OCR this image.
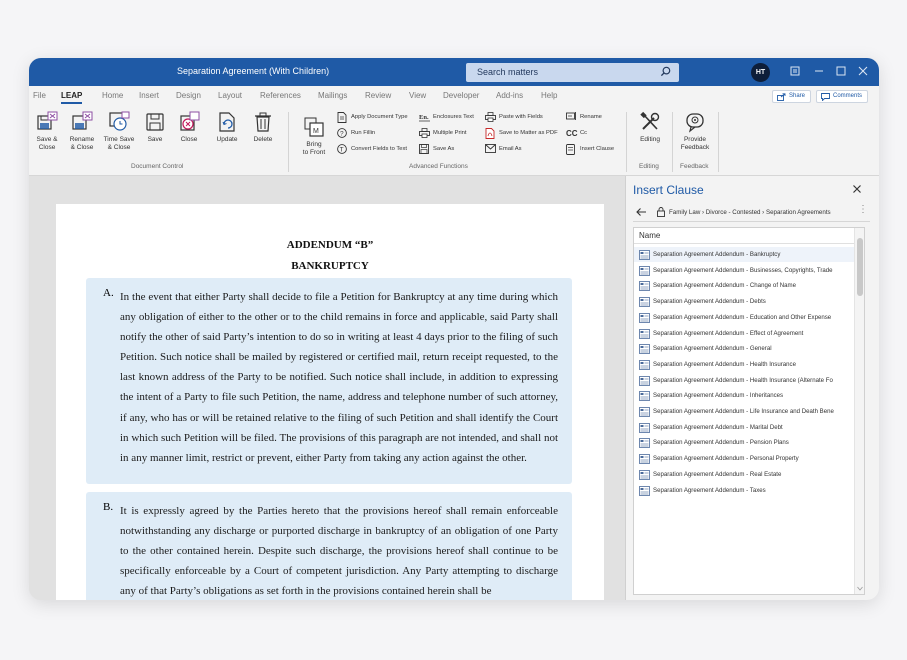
Separation Agreement (With Children)	Search matters	HT
File LEAP Home Insert Design Layout References Mailings Review View Developer Add-ins Help	Share	Comments
Save &
Close
Rename
& Close
Time Save
& Close
Save	Close	Update	Delete
Document Control
M
Bring
to Front
Apply Document Type
? Run Fillin
T Convert Fields to Text
En. Enclosures Text
Multiple Print
Save As
Paste with Fields
Save to Matter as PDF
Email As
Rename
CC Cc
Insert Clause
Advanced Functions
Editing
Editing
Provide
Feedback
Feedback
ADDENDUM “B”
BANKRUPTCY
A. In the event that either Party shall decide to file a Petition for Bankruptcy at any time during which any obligation of either to the other or to the child remains in force and applicable, said Party shall notify the other of said Party’s intention to do so in writing at least 4 days prior to the filing of such Petition. Such notice shall be mailed by registered or certified mail, return receipt requested, to the last known address of the Party to be notified. Such notice shall include, in addition to expressing the intent of a Party to file such Petition, the name, address and telephone number of such attorney, if any, who has or will be retained relative to the filing of such Petition and shall identify the Court in which such Petition will be filed. The provisions of this paragraph are not intended, and shall not in any manner limit, restrict or prevent, either Party from taking any action against the other.
B. It is expressly agreed by the Parties hereto that the provisions hereof shall remain enforceable notwithstanding any discharge or purported discharge in bankruptcy of an obligation of one Party to the other contained herein. Despite such discharge, the provisions hereof shall continue to be specifically enforceable by a Court of competent jurisdiction. Any Party attempting to discharge any of that Party’s obligations as set forth in the provisions contained herein shall be
Insert Clause
Family Law › Divorce - Contested › Separation Agreements	⋮
Name
Separation Agreement Addendum - Bankruptcy
Separation Agreement Addendum - Businesses, Copyrights, Trade
Separation Agreement Addendum - Change of Name
Separation Agreement Addendum - Debts
Separation Agreement Addendum - Education and Other Expense
Separation Agreement Addendum - Effect of Agreement
Separation Agreement Addendum - General
Separation Agreement Addendum - Health Insurance
Separation Agreement Addendum - Health Insurance (Alternate Fo
Separation Agreement Addendum - Inheritances
Separation Agreement Addendum - Life Insurance and Death Bene
Separation Agreement Addendum - Marital Debt
Separation Agreement Addendum - Pension Plans
Separation Agreement Addendum - Personal Property
Separation Agreement Addendum - Real Estate
Separation Agreement Addendum - Taxes
